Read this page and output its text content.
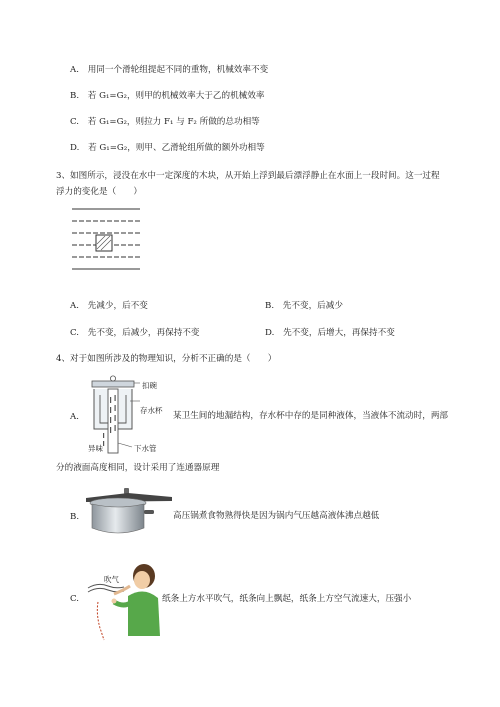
A. 用同一个滑轮组提起不同的重物，机械效率不变
B. 若 G₁=G₂，则甲的机械效率大于乙的机械效率
C. 若 G₁=G₂，则拉力 F₁ 与 F₂ 所做的总功相等
D. 若 G₁=G₂，则甲、乙滑轮组所做的额外功相等
3、如图所示，浸没在水中一定深度的木块，从开始上浮到最后漂浮静止在水面上一段时间。这一过程
浮力的变化是（　　）
A. 先减少，后不变	B. 先不变，后减少
C. 先不变，后减少，再保持不变	D. 先不变，后增大，再保持不变
4、对于如图所涉及的物理知识，分析不正确的是（　　）
A.
扣碗
存水杯
下水管
异味
某卫生间的地漏结构，存水杯中存的是同种液体，当液体不流动时，两部
分的液面高度相同，设计采用了连通器原理
B.	高压锅煮食物熟得快是因为锅内气压越高液体沸点越低
C.
吹气
纸条上方水平吹气，纸条向上飘起，纸条上方空气流速大，压强小
